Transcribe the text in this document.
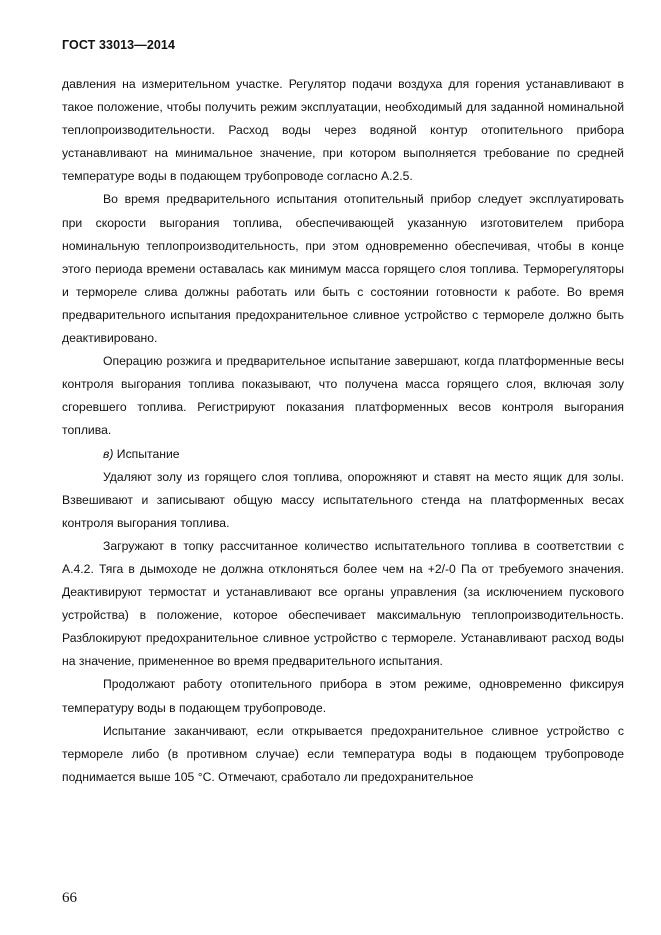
ГОСТ 33013—2014

давления на измерительном участке. Регулятор подачи воздуха для горения устанавливают в такое положение, чтобы получить режим эксплуатации, необходимый для заданной номинальной теплопроизводительности. Расход воды через водяной контур отопительного прибора устанавливают на минимальное значение, при котором выполняется требование по средней температуре воды в подающем трубопроводе согласно А.2.5.

Во время предварительного испытания отопительный прибор следует эксплуатировать при скорости выгорания топлива, обеспечивающей указанную изготовителем прибора номинальную теплопроизводительность, при этом одновременно обеспечивая, чтобы в конце этого периода времени оставалась как минимум масса горящего слоя топлива. Терморегуляторы и термореле слива должны работать или быть с состоянии готовности к работе. Во время предварительного испытания предохранительное сливное устройство с термореле должно быть деактивировано.

Операцию розжига и предварительное испытание завершают, когда платформенные весы контроля выгорания топлива показывают, что получена масса горящего слоя, включая золу сгоревшего топлива. Регистрируют показания платформенных весов контроля выгорания топлива.

в) Испытание

Удаляют золу из горящего слоя топлива, опорожняют и ставят на место ящик для золы. Взвешивают и записывают общую массу испытательного стенда на платформенных весах контроля выгорания топлива.

Загружают в топку рассчитанное количество испытательного топлива в соответствии с А.4.2. Тяга в дымоходе не должна отклоняться более чем на +2/-0 Па от требуемого значения. Деактивируют термостат и устанавливают все органы управления (за исключением пускового устройства) в положение, которое обеспечивает максимальную теплопроизводительность. Разблокируют предохранительное сливное устройство с термореле. Устанавливают расход воды на значение, примененное во время предварительного испытания.

Продолжают работу отопительного прибора в этом режиме, одновременно фиксируя температуру воды в подающем трубопроводе.

Испытание заканчивают, если открывается предохранительное сливное устройство с термореле либо (в противном случае) если температура воды в подающем трубопроводе поднимается выше 105 °C. Отмечают, сработало ли предохранительное

66
